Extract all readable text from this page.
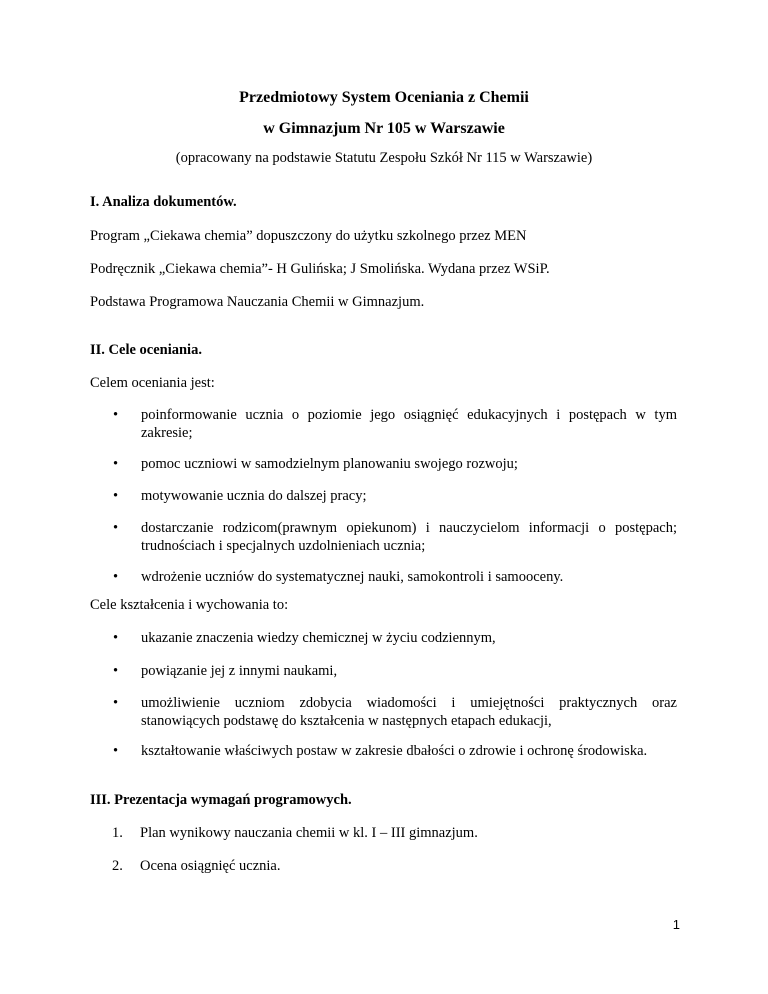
Przedmiotowy System Oceniania z Chemii
w Gimnazjum Nr 105 w Warszawie
(opracowany na podstawie Statutu Zespołu Szkół Nr 115 w Warszawie)
I. Analiza dokumentów.
Program „Ciekawa chemia” dopuszczony do użytku szkolnego przez MEN
Podręcznik „Ciekawa chemia”- H Gulińska; J Smolińska. Wydana przez WSiP.
Podstawa Programowa Nauczania Chemii w Gimnazjum.
II. Cele oceniania.
Celem oceniania jest:
•	poinformowanie ucznia o poziomie jego osiągnięć edukacyjnych i postępach w tym zakresie;
•	pomoc uczniowi w samodzielnym planowaniu swojego rozwoju;
•	motywowanie ucznia do dalszej pracy;
•	dostarczanie rodzicom(prawnym opiekunom) i nauczycielom informacji o postępach; trudnościach i specjalnych uzdolnieniach ucznia;
•	wdrożenie uczniów do systematycznej nauki, samokontroli i samooceny.
Cele kształcenia i wychowania to:
•	ukazanie znaczenia wiedzy chemicznej w życiu codziennym,
•	powiązanie jej z innymi naukami,
•	umożliwienie uczniom zdobycia wiadomości i umiejętności praktycznych oraz stanowiących podstawę do kształcenia w następnych etapach edukacji,
•	kształtowanie właściwych postaw w zakresie dbałości o zdrowie i ochronę środowiska.
III. Prezentacja wymagań programowych.
1. Plan wynikowy nauczania chemii w kl. I – III gimnazjum.
2. Ocena osiągnięć ucznia.
1
